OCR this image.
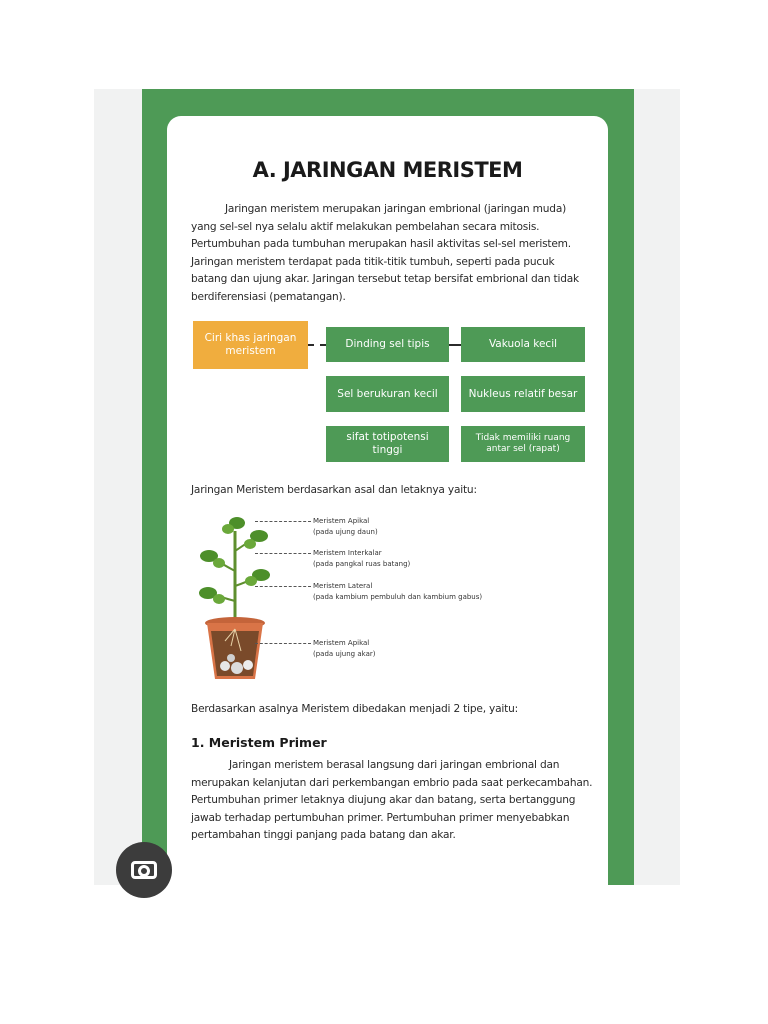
A. JARINGAN MERISTEM

Jaringan meristem merupakan jaringan embrional (jaringan muda) yang sel-sel nya selalu aktif melakukan pembelahan secara mitosis. Pertumbuhan pada tumbuhan merupakan hasil aktivitas sel-sel meristem. Jaringan meristem terdapat pada titik-titik tumbuh, seperti pada pucuk batang dan ujung akar. Jaringan tersebut tetap bersifat embrional dan tidak berdiferensiasi (pematangan).

Ciri khas jaringan meristem
Dinding sel tipis	Vakuola kecil
Sel berukuran kecil	Nukleus relatif besar
sifat totipotensi tinggi
Tidak memiliki ruang antar sel (rapat)

Jaringan Meristem berdasarkan asal dan letaknya yaitu:

Meristem Apikal
(pada ujung daun)

Meristem Interkalar
(pada pangkal ruas batang)

Meristem Lateral
(pada kambium pembuluh dan kambium gabus)

Meristem Apikal
(pada ujung akar)

Berdasarkan asalnya Meristem dibedakan menjadi 2 tipe, yaitu:

1. Meristem Primer

Jaringan meristem berasal langsung dari jaringan embrional dan merupakan kelanjutan dari perkembangan embrio pada saat perkecambahan. Pertumbuhan primer letaknya diujung akar dan batang, serta bertanggung jawab terhadap pertumbuhan primer. Pertumbuhan primer menyebabkan pertambahan tinggi panjang pada batang dan akar.
